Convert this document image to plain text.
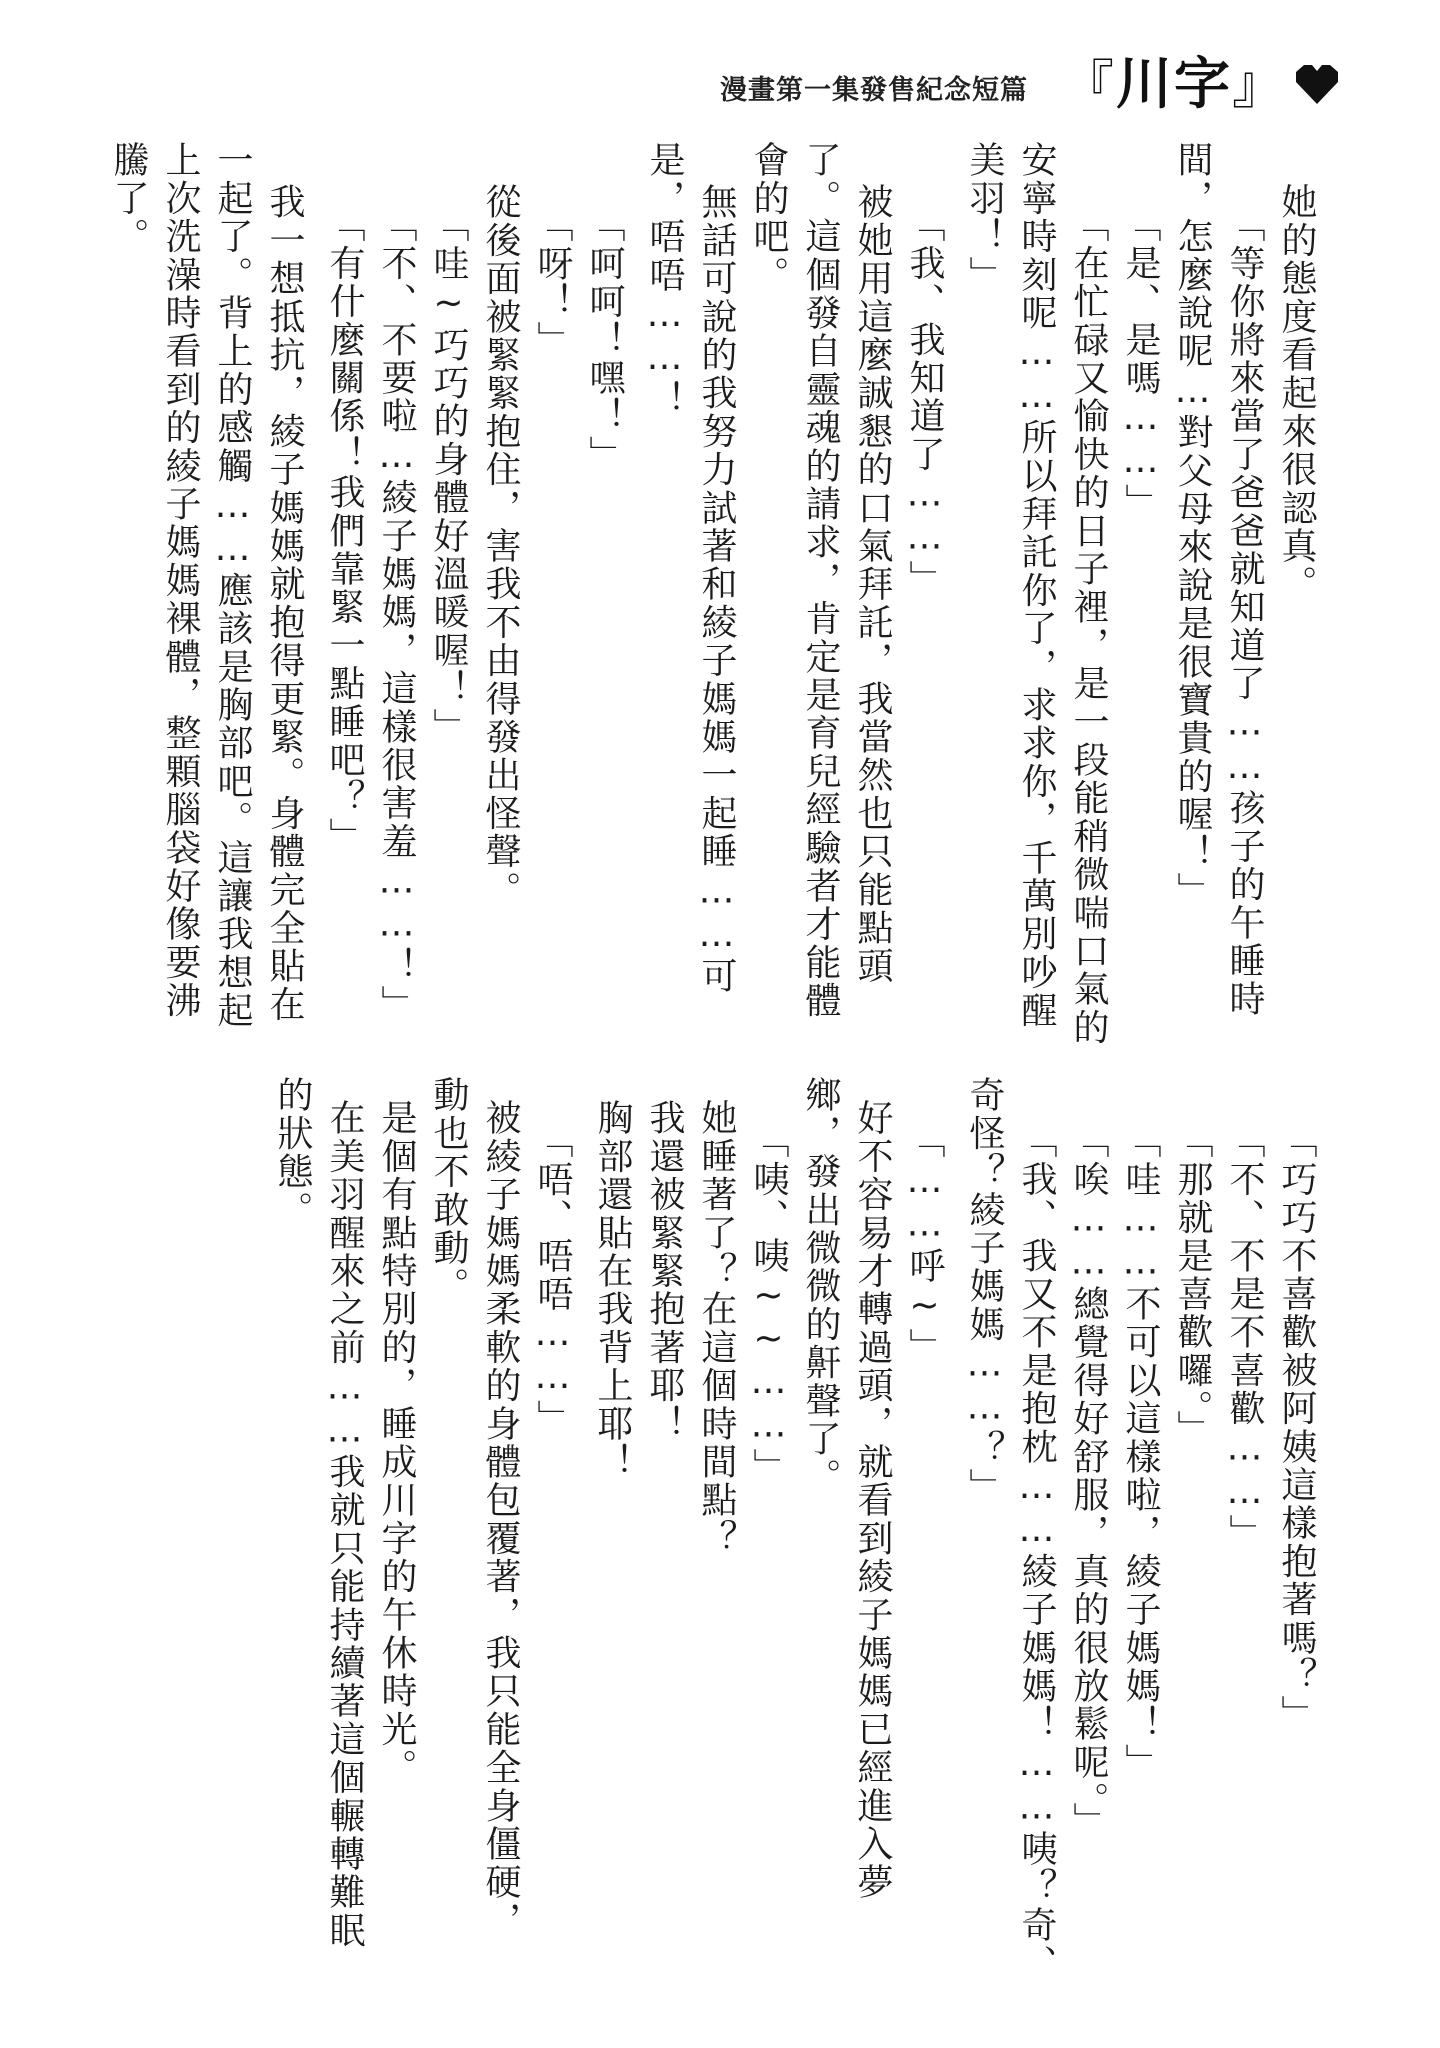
漫畫第一集發售紀念短篇 『 川字 』
她的態度看起來很認真。
「等你將來當了爸爸就知道了……孩子的午睡時
間，怎麼說呢…對父母來說是很寶貴的喔！」
「是、是嗎……」
「在忙碌又愉快的日子裡，是一段能稍微喘口氣的
安寧時刻呢……所以拜託你了，求求你，千萬別吵醒
美羽！」
「我、我知道了……」
被她用這麼誠懇的口氣拜託，我當然也只能點頭
了。這個發自靈魂的請求，肯定是育兒經驗者才能體
會的吧。
無話可說的我努力試著和綾子媽媽一起睡……可
是，唔唔……！
「呵呵！嘿！」
「呀！」
從後面被緊緊抱住，害我不由得發出怪聲。
「哇~巧巧的身體好溫暖喔！」
「不、不要啦…綾子媽媽，這樣很害羞……！」
「有什麼關係！我們靠緊一點睡吧？」
我一想抵抗，綾子媽媽就抱得更緊。身體完全貼在
一起了。背上的感觸……應該是胸部吧。這讓我想起
上次洗澡時看到的綾子媽媽裸體，整顆腦袋好像要沸
騰了。
「巧巧不喜歡被阿姨這樣抱著嗎？」
「不、不是不喜歡……」
「那就是喜歡囉。」
「哇……不可以這樣啦，綾子媽媽！」
「唉……總覺得好舒服，真的很放鬆呢。」
「我、我又不是抱枕……綾子媽媽！……咦？奇、
奇怪？綾子媽媽……？」
「……呼~」
好不容易才轉過頭，就看到綾子媽媽已經進入夢
鄉，發出微微的鼾聲了。
「咦、咦~~……」
她睡著了？在這個時間點？
我還被緊緊抱著耶！
胸部還貼在我背上耶！
「唔、唔唔……」
被綾子媽媽柔軟的身體包覆著，我只能全身僵硬，
動也不敢動。
是個有點特別的，睡成川字的午休時光。
在美羽醒來之前……我就只能持續著這個輾轉難眠
的狀態。
